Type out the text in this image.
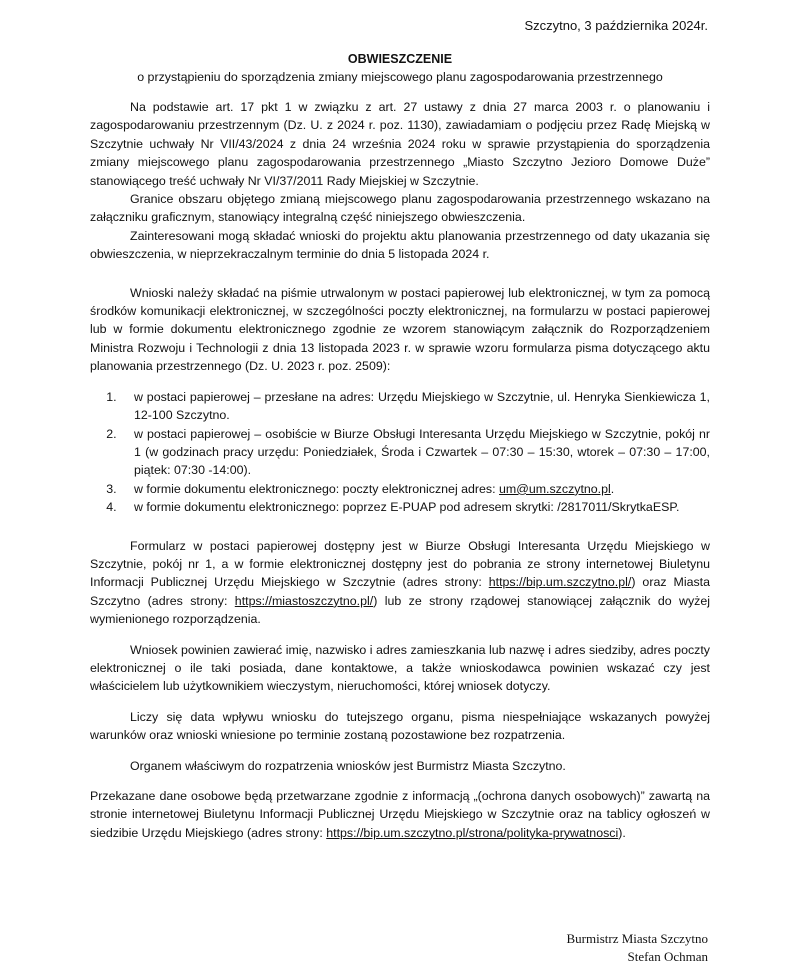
Szczytno, 3 października 2024r.
OBWIESZCZENIE
o przystąpieniu do sporządzenia zmiany miejscowego planu zagospodarowania przestrzennego

Na podstawie art. 17 pkt 1 w związku z art. 27 ustawy z dnia 27 marca 2003 r. o planowaniu i zagospodarowaniu przestrzennym (Dz. U. z 2024 r. poz. 1130), zawiadamiam o podjęciu przez Radę Miejską w Szczytnie uchwały Nr VII/43/2024 z dnia 24 września 2024 roku w sprawie przystąpienia do sporządzenia zmiany miejscowego planu zagospodarowania przestrzennego „Miasto Szczytno Jezioro Domowe Duże” stanowiącego treść uchwały Nr VI/37/2011 Rady Miejskiej w Szczytnie.

Granice obszaru objętego zmianą miejscowego planu zagospodarowania przestrzennego wskazano na załączniku graficznym, stanowiący integralną część niniejszego obwieszczenia.

Zainteresowani mogą składać wnioski do projektu aktu planowania przestrzennego od daty ukazania się obwieszczenia, w nieprzekraczalnym terminie do dnia 5 listopada 2024 r.

Wnioski należy składać na piśmie utrwalonym w postaci papierowej lub elektronicznej, w tym za pomocą środków komunikacji elektronicznej, w szczególności poczty elektronicznej, na formularzu w postaci papierowej lub w formie dokumentu elektronicznego zgodnie ze wzorem stanowiącym załącznik do Rozporządzeniem Ministra Rozwoju i Technologii z dnia 13 listopada 2023 r. w sprawie wzoru formularza pisma dotyczącego aktu planowania przestrzennego (Dz. U. 2023 r. poz. 2509):

1. w postaci papierowej – przesłane na adres: Urzędu Miejskiego w Szczytnie, ul. Henryka Sienkiewicza 1, 12-100 Szczytno.
2. w postaci papierowej – osobiście w Biurze Obsługi Interesanta Urzędu Miejskiego w Szczytnie, pokój nr 1 (w godzinach pracy urzędu: Poniedziałek, Środa i Czwartek – 07:30 – 15:30, wtorek – 07:30 – 17:00, piątek: 07:30 -14:00).
3. w formie dokumentu elektronicznego: poczty elektronicznej adres: um@um.szczytno.pl.
4. w formie dokumentu elektronicznego: poprzez E-PUAP pod adresem skrytki: /2817011/SkrytkaESP.

Formularz w postaci papierowej dostępny jest w Biurze Obsługi Interesanta Urzędu Miejskiego w Szczytnie, pokój nr 1, a w formie elektronicznej dostępny jest do pobrania ze strony internetowej Biuletynu Informacji Publicznej Urzędu Miejskiego w Szczytnie (adres strony: https://bip.um.szczytno.pl/) oraz Miasta Szczytno (adres strony: https://miastoszczytno.pl/) lub ze strony rządowej stanowiącej załącznik do wyżej wymienionego rozporządzenia.

Wniosek powinien zawierać imię, nazwisko i adres zamieszkania lub nazwę i adres siedziby, adres poczty elektronicznej o ile taki posiada, dane kontaktowe, a także wnioskodawca powinien wskazać czy jest właścicielem lub użytkownikiem wieczystym, nieruchomości, której wniosek dotyczy.

Liczy się data wpływu wniosku do tutejszego organu, pisma niespełniające wskazanych powyżej warunków oraz wnioski wniesione po terminie zostaną pozostawione bez rozpatrzenia.

Organem właściwym do rozpatrzenia wniosków jest Burmistrz Miasta Szczytno.

Przekazane dane osobowe będą przetwarzane zgodnie z informacją „(ochrona danych osobowych)” zawartą na stronie internetowej Biuletynu Informacji Publicznej Urzędu Miejskiego w Szczytnie oraz na tablicy ogłoszeń w siedzibie Urzędu Miejskiego (adres strony: https://bip.um.szczytno.pl/strona/polityka-prywatnosci).

Burmistrz Miasta Szczytno
Stefan Ochman
